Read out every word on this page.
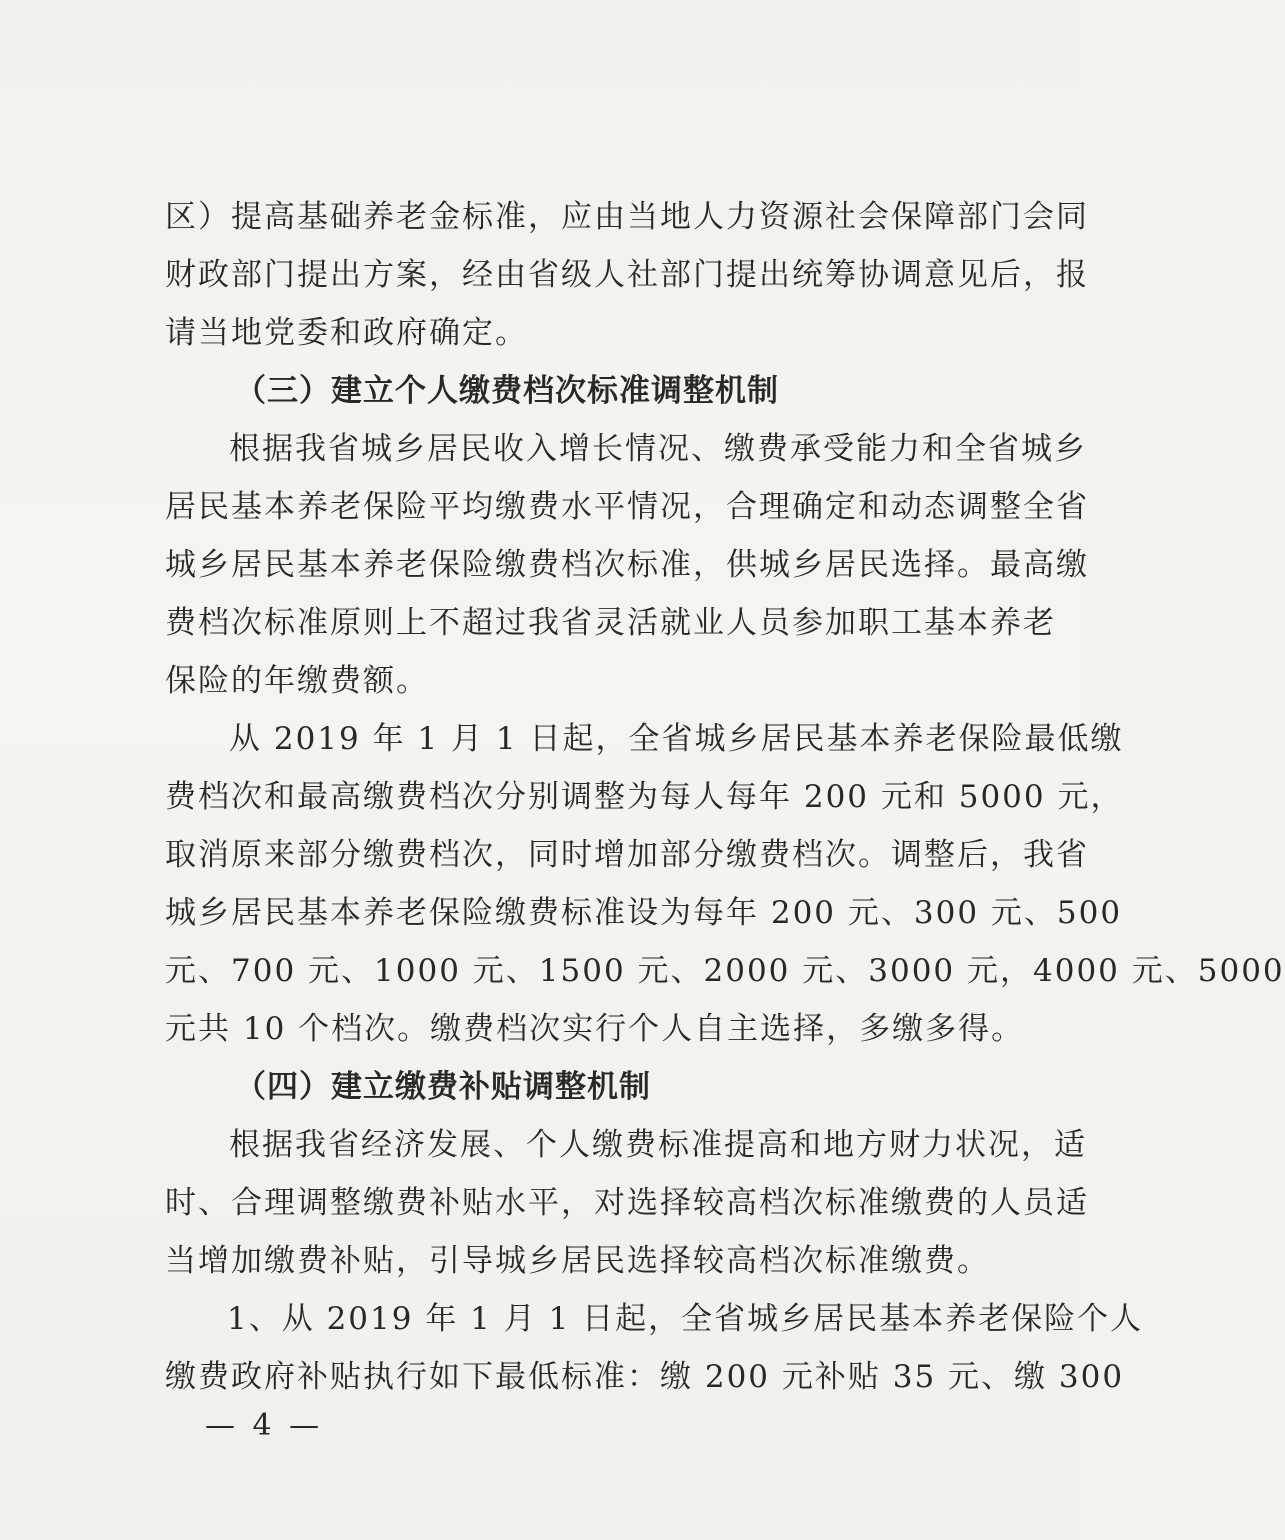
区）提高基础养老金标准，应由当地人力资源社会保障部门会同
财政部门提出方案，经由省级人社部门提出统筹协调意见后，报
请当地党委和政府确定。
（三）建立个人缴费档次标准调整机制
根据我省城乡居民收入增长情况、缴费承受能力和全省城乡
居民基本养老保险平均缴费水平情况，合理确定和动态调整全省
城乡居民基本养老保险缴费档次标准，供城乡居民选择。最高缴
费档次标准原则上不超过我省灵活就业人员参加职工基本养老
保险的年缴费额。
从 2019 年 1 月 1 日起，全省城乡居民基本养老保险最低缴
费档次和最高缴费档次分别调整为每人每年 200 元和 5000 元，
取消原来部分缴费档次，同时增加部分缴费档次。调整后，我省
城乡居民基本养老保险缴费标准设为每年 200 元、300 元、500
元、700 元、1000 元、1500 元、2000 元、3000 元，4000 元、5000
元共 10 个档次。缴费档次实行个人自主选择，多缴多得。
（四）建立缴费补贴调整机制
根据我省经济发展、个人缴费标准提高和地方财力状况，适
时、合理调整缴费补贴水平，对选择较高档次标准缴费的人员适
当增加缴费补贴，引导城乡居民选择较高档次标准缴费。
1、从 2019 年 1 月 1 日起，全省城乡居民基本养老保险个人
缴费政府补贴执行如下最低标准：缴 200 元补贴 35 元、缴 300
— 4 —
